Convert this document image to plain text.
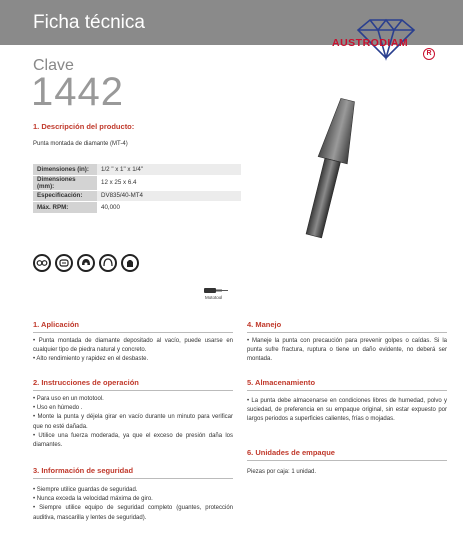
Ficha técnica
AUSTRODIAM
R
Clave
1442
1. Descripción del producto:
Punta montada de diamante (MT-4)
Dimensiones (in):	1/2 " x 1" x 1/4"
Dimensiones (mm):	12 x 25 x 6.4
Especificación:	DV835/40-MT4
Máx. RPM:	40,000
Mototool
1. Aplicación
• Punta montada de diamante depositado al vacío, puede usarse en cualquier tipo de piedra natural y concreto.
• Alto rendimiento y rapidez en el desbaste.
2. Instrucciones de operación
• Para uso en un mototool.
• Uso en húmedo .
• Monte la punta y déjela girar en vacío durante un minuto para verificar que no esté dañada.
• Utilice una fuerza moderada, ya que el exceso de presión daña los diamantes.
3. Información de seguridad
• Siempre utilice guardas de seguridad.
• Nunca exceda la velocidad máxima de giro.
• Siempre utilice equipo de seguridad completo (guantes, protección auditiva, mascarilla y lentes de seguridad).
4. Manejo
• Maneje la punta con precaución para prevenir golpes o caídas. Si la punta sufre fractura, ruptura o tiene un daño evidente, no deberá ser montada.
5. Almacenamiento
• La punta debe almacenarse en condiciones libres de humedad, polvo y suciedad, de preferencia en su empaque original, sin estar expuesto por largos periodos a superficies calientes, frías o mojadas.
6. Unidades de empaque
Piezas por caja: 1 unidad.
